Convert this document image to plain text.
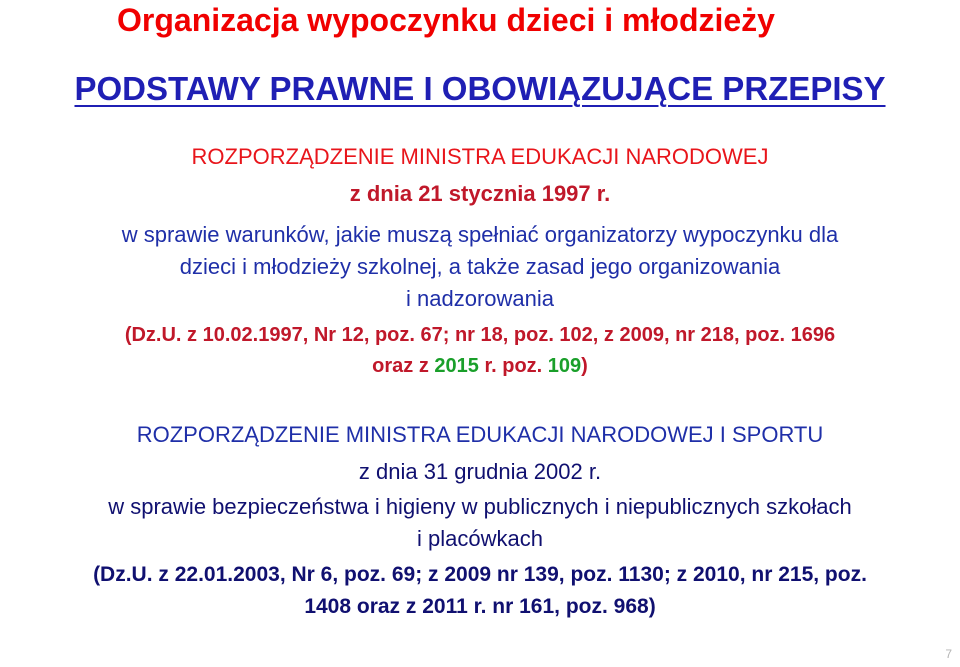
Organizacja wypoczynku dzieci i młodzieży
PODSTAWY PRAWNE I OBOWIĄZUJĄCE PRZEPISY

ROZPORZĄDZENIE MINISTRA EDUKACJI NARODOWEJ

z dnia 21 stycznia 1997 r.

w sprawie warunków, jakie muszą spełniać organizatorzy wypoczynku dla

dzieci i młodzieży szkolnej, a także zasad jego organizowania

i nadzorowania

(Dz.U. z 10.02.1997, Nr 12, poz. 67; nr 18, poz. 102, z 2009, nr 218, poz. 1696

oraz z 2015 r. poz. 109)

ROZPORZĄDZENIE MINISTRA EDUKACJI NARODOWEJ I SPORTU

z dnia 31 grudnia 2002 r.

w sprawie bezpieczeństwa i higieny w publicznych i niepublicznych szkołach

i placówkach

(Dz.U. z 22.01.2003, Nr 6, poz. 69; z 2009 nr 139, poz. 1130; z 2010, nr 215, poz.

1408 oraz z 2011 r. nr 161, poz. 968)

7
